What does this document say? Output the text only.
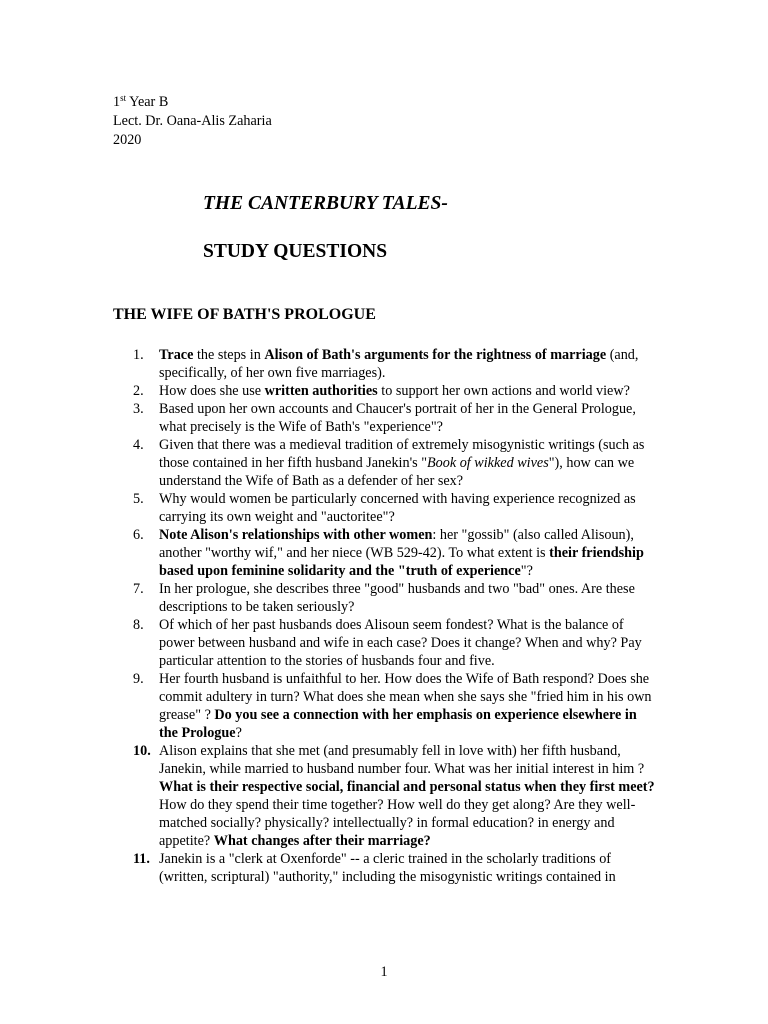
1st Year B
Lect. Dr. Oana-Alis Zaharia
2020
THE CANTERBURY TALES-
STUDY QUESTIONS
THE WIFE OF BATH'S PROLOGUE
1. Trace the steps in Alison of Bath's arguments for the rightness of marriage (and, specifically, of her own five marriages).
2. How does she use written authorities to support her own actions and world view?
3. Based upon her own accounts and Chaucer's portrait of her in the General Prologue, what precisely is the Wife of Bath's "experience"?
4. Given that there was a medieval tradition of extremely misogynistic writings (such as those contained in her fifth husband Janekin's "Book of wikked wives"), how can we understand the Wife of Bath as a defender of her sex?
5. Why would women be particularly concerned with having experience recognized as carrying its own weight and "auctoritee"?
6. Note Alison's relationships with other women: her "gossib" (also called Alisoun), another "worthy wif," and her niece (WB 529-42). To what extent is their friendship based upon feminine solidarity and the "truth of experience"?
7. In her prologue, she describes three "good" husbands and two "bad" ones. Are these descriptions to be taken seriously?
8. Of which of her past husbands does Alisoun seem fondest? What is the balance of power between husband and wife in each case? Does it change? When and why? Pay particular attention to the stories of husbands four and five.
9. Her fourth husband is unfaithful to her. How does the Wife of Bath respond? Does she commit adultery in turn? What does she mean when she says she "fried him in his own grease" ? Do you see a connection with her emphasis on experience elsewhere in the Prologue?
10. Alison explains that she met (and presumably fell in love with) her fifth husband, Janekin, while married to husband number four. What was her initial interest in him ? What is their respective social, financial and personal status when they first meet? How do they spend their time together? How well do they get along? Are they well-matched socially? physically? intellectually? in formal education? in energy and appetite? What changes after their marriage?
11. Janekin is a "clerk at Oxenforde" -- a cleric trained in the scholarly traditions of (written, scriptural) "authority," including the misogynistic writings contained in
1
